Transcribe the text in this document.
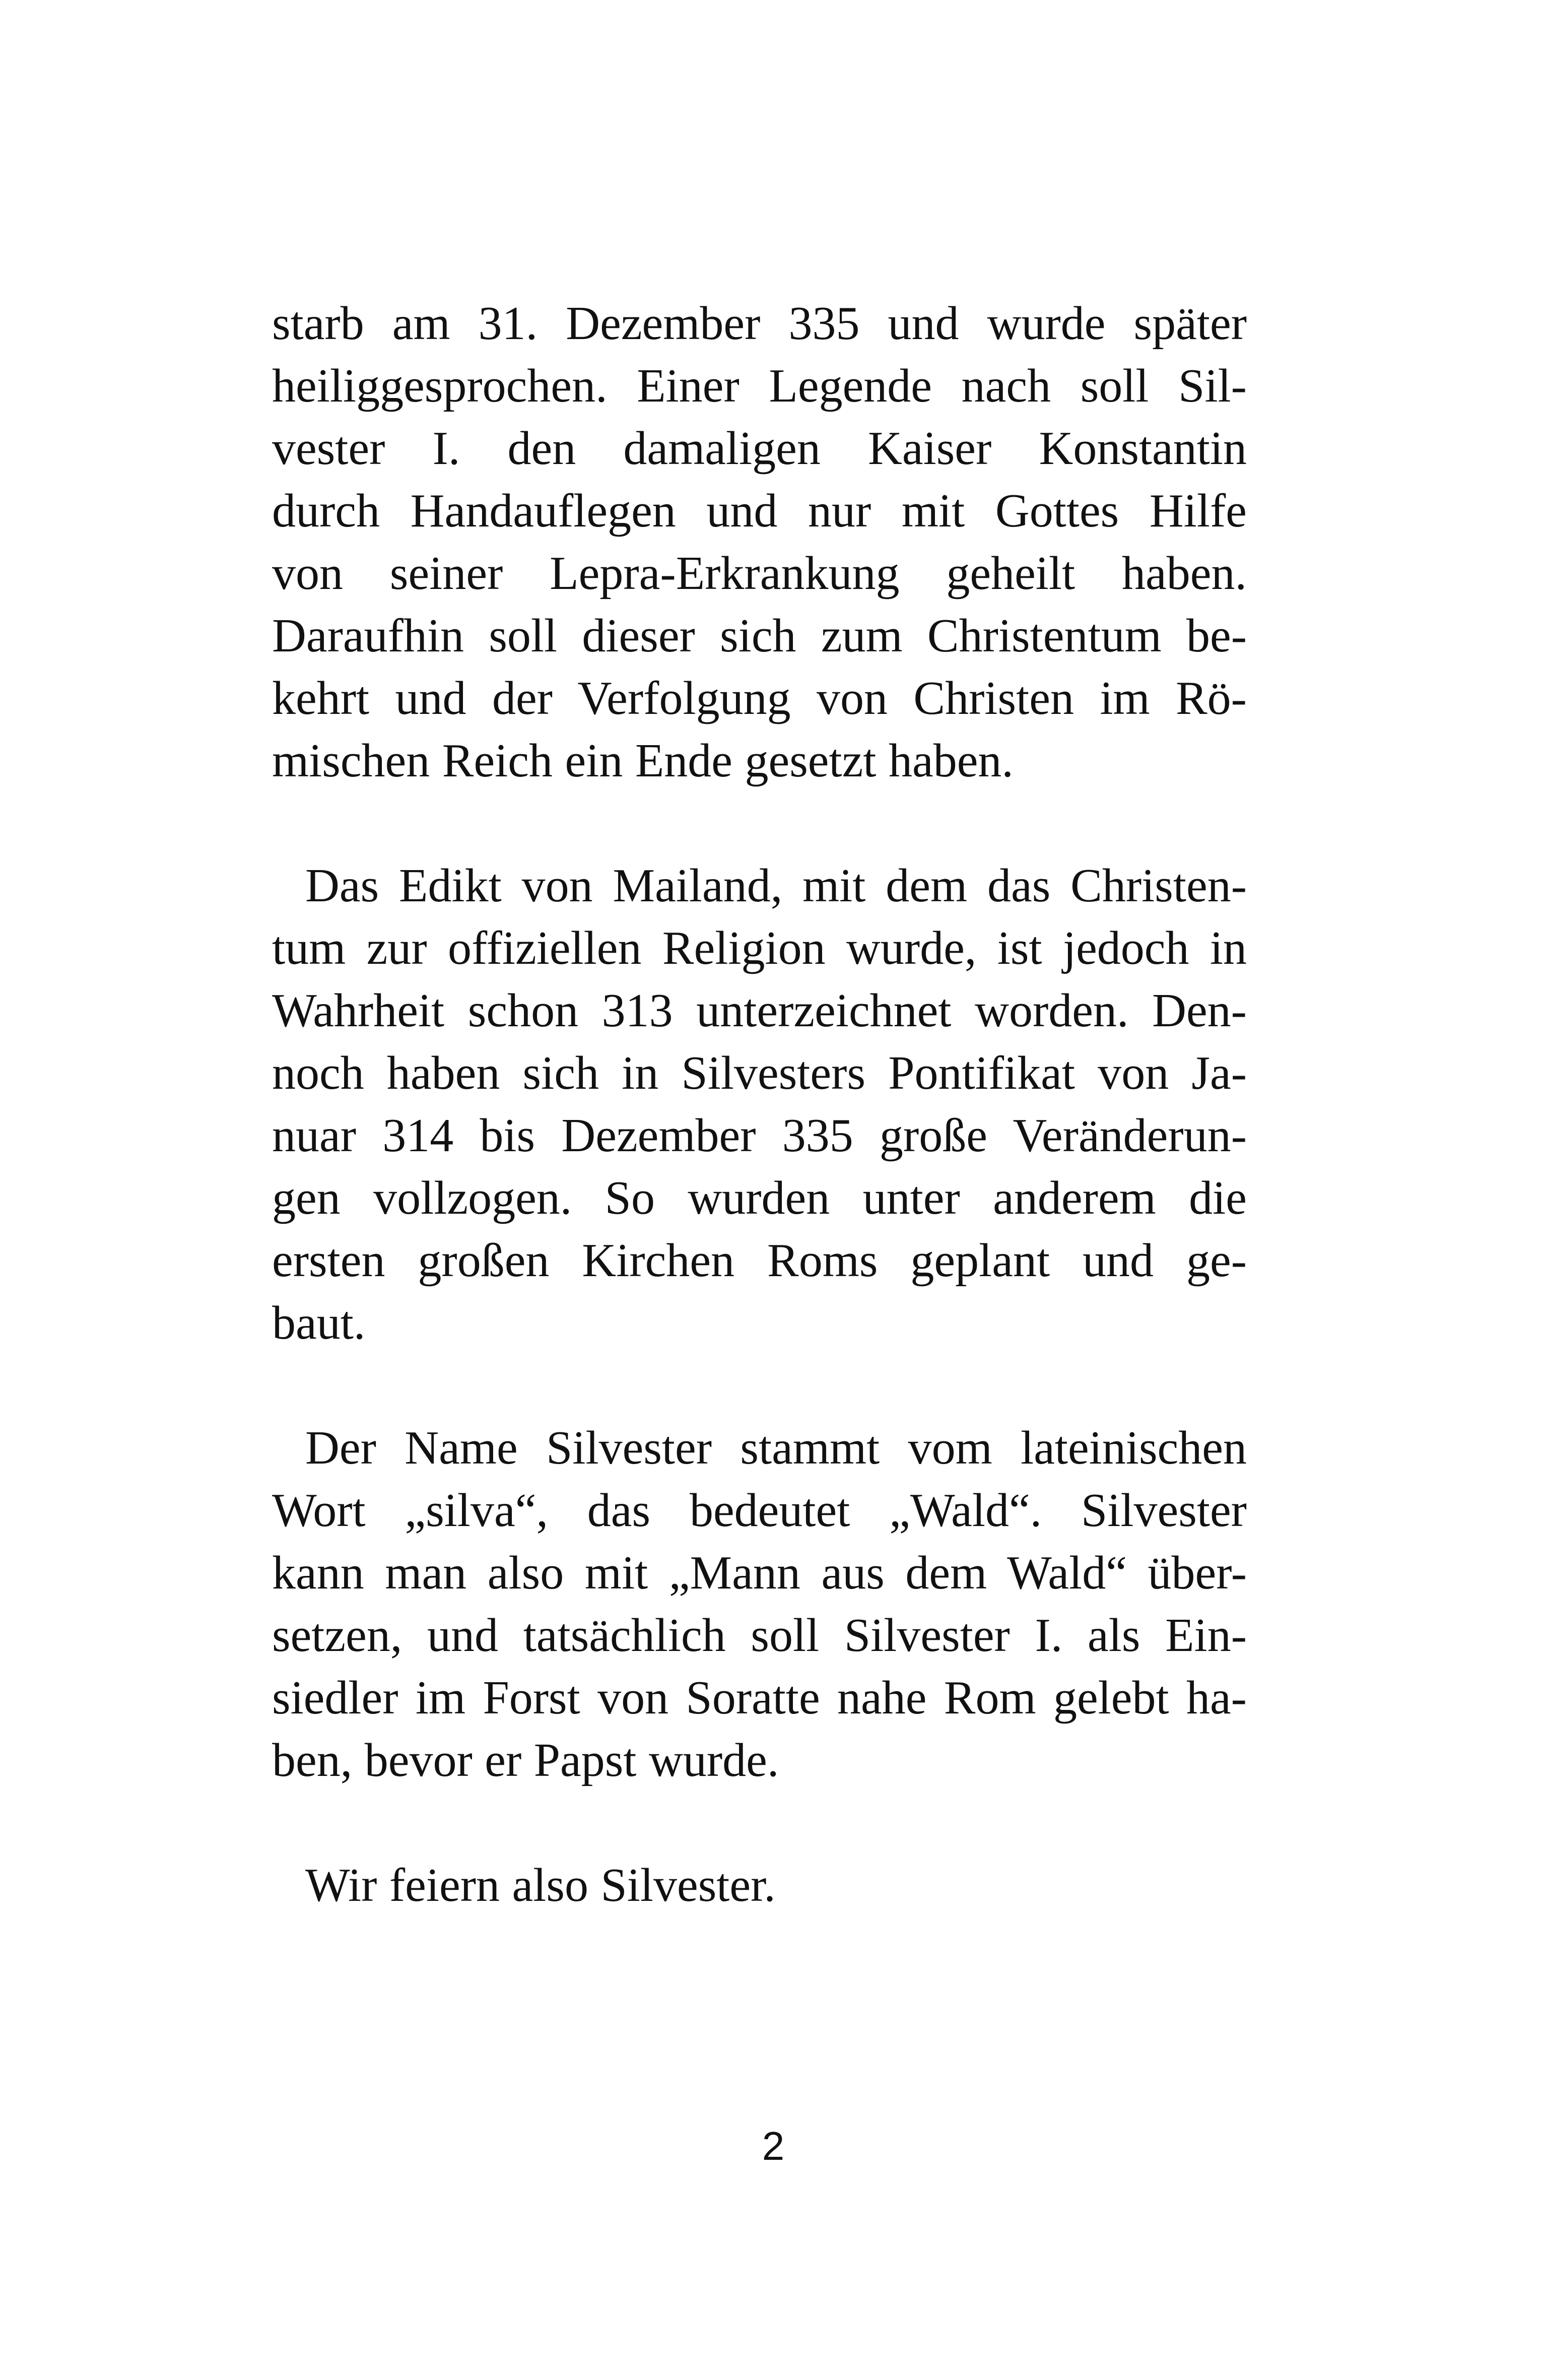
starb am 31. Dezember 335 und wurde später
heiliggesprochen. Einer Legende nach soll Sil-
vester I. den damaligen Kaiser Konstantin
durch Handauflegen und nur mit Gottes Hilfe
von seiner Lepra-Erkrankung geheilt haben.
Daraufhin soll dieser sich zum Christentum be-
kehrt und der Verfolgung von Christen im Rö-
mischen Reich ein Ende gesetzt haben.

Das Edikt von Mailand, mit dem das Christen-
tum zur offiziellen Religion wurde, ist jedoch in
Wahrheit schon 313 unterzeichnet worden. Den-
noch haben sich in Silvesters Pontifikat von Ja-
nuar 314 bis Dezember 335 große Veränderun-
gen vollzogen. So wurden unter anderem die
ersten großen Kirchen Roms geplant und ge-
baut.

Der Name Silvester stammt vom lateinischen
Wort „silva“, das bedeutet „Wald“. Silvester
kann man also mit „Mann aus dem Wald“ über-
setzen, und tatsächlich soll Silvester I. als Ein-
siedler im Forst von Soratte nahe Rom gelebt ha-
ben, bevor er Papst wurde.

Wir feiern also Silvester.

2
